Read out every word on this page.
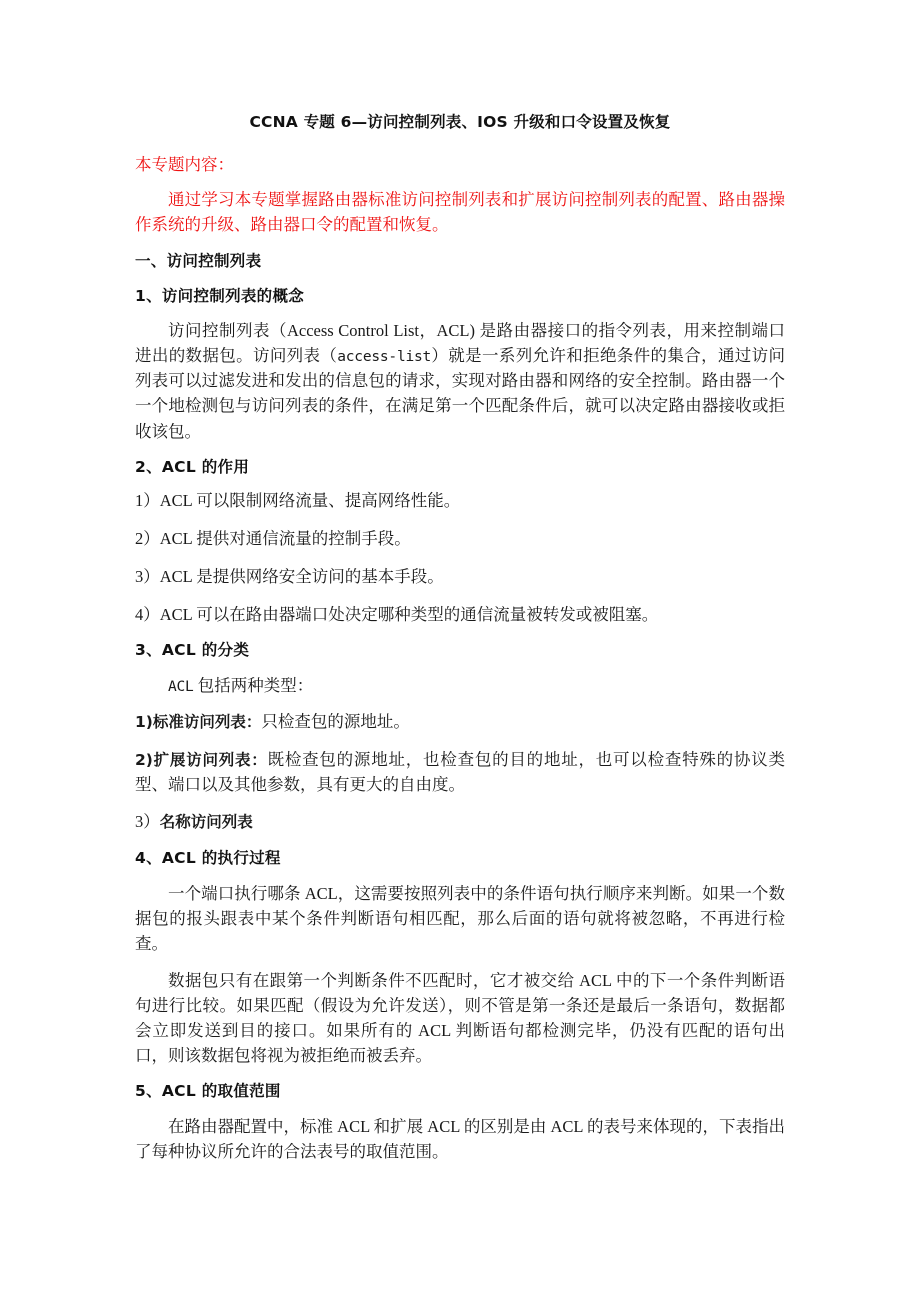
CCNA 专题 6—访问控制列表、IOS 升级和口令设置及恢复

本专题内容：

通过学习本专题掌握路由器标准访问控制列表和扩展访问控制列表的配置、路由器操作系统的升级、路由器口令的配置和恢复。

一、访问控制列表
1、访问控制列表的概念

访问控制列表（Access Control List，ACL) 是路由器接口的指令列表，用来控制端口进出的数据包。访问列表（access-list）就是一系列允许和拒绝条件的集合，通过访问列表可以过滤发进和发出的信息包的请求，实现对路由器和网络的安全控制。路由器一个一个地检测包与访问列表的条件，在满足第一个匹配条件后，就可以决定路由器接收或拒收该包。

2、ACL 的作用

1）ACL 可以限制网络流量、提高网络性能。

2）ACL 提供对通信流量的控制手段。

3）ACL 是提供网络安全访问的基本手段。

4）ACL 可以在路由器端口处决定哪种类型的通信流量被转发或被阻塞。

3、ACL 的分类

ACL 包括两种类型：

1)标准访问列表：只检查包的源地址。

2)扩展访问列表：既检查包的源地址，也检查包的目的地址，也可以检查特殊的协议类型、端口以及其他参数，具有更大的自由度。

3）名称访问列表

4、ACL 的执行过程

一个端口执行哪条 ACL，这需要按照列表中的条件语句执行顺序来判断。如果一个数据包的报头跟表中某个条件判断语句相匹配，那么后面的语句就将被忽略，不再进行检查。

数据包只有在跟第一个判断条件不匹配时，它才被交给 ACL 中的下一个条件判断语句进行比较。如果匹配（假设为允许发送），则不管是第一条还是最后一条语句，数据都会立即发送到目的接口。如果所有的 ACL 判断语句都检测完毕，仍没有匹配的语句出口，则该数据包将视为被拒绝而被丢弃。

5、ACL 的取值范围

在路由器配置中，标准 ACL 和扩展 ACL 的区别是由 ACL 的表号来体现的，下表指出了每种协议所允许的合法表号的取值范围。
